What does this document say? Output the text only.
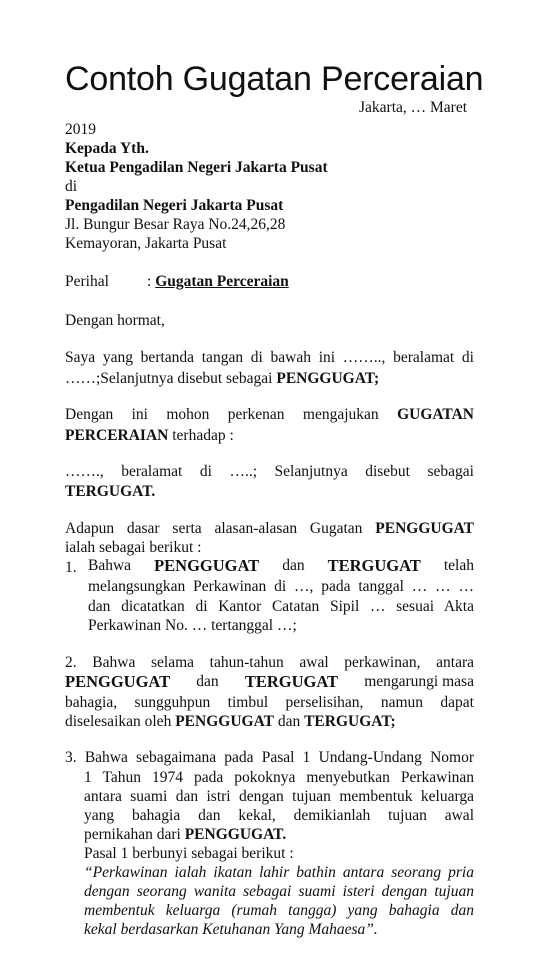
Contoh Gugatan Perceraian
Jakarta, … Maret
2019
Kepada Yth.
Ketua Pengadilan Negeri Jakarta Pusat
di
Pengadilan Negeri Jakarta Pusat
Jl. Bungur Besar Raya No.24,26,28
Kemayoran, Jakarta Pusat
Perihal : Gugatan Perceraian
Dengan hormat,
Saya yang bertanda tangan di bawah ini …….., beralamat di
……;Selanjutnya disebut sebagai PENGGUGAT;
Dengan ini mohon perkenan mengajukan GUGATAN
PERCERAIAN terhadap :
……., beralamat di …..; Selanjutnya disebut sebagai
TERGUGAT.
Adapun dasar serta alasan-alasan Gugatan PENGGUGAT
ialah sebagai berikut :
1. Bahwa PENGGUGAT dan TERGUGAT telah
melangsungkan Perkawinan di …, pada tanggal … … …
dan dicatatkan di Kantor Catatan Sipil … sesuai Akta
Perkawinan No. … tertanggal …;
2. Bahwa selama tahun-tahun awal perkawinan, antara
PENGGUGAT dan TERGUGAT mengarungi masa
bahagia, sungguhpun timbul perselisihan, namun dapat
diselesaikan oleh PENGGUGAT dan TERGUGAT;
3. Bahwa sebagaimana pada Pasal 1 Undang-Undang Nomor
1 Tahun 1974 pada pokoknya menyebutkan Perkawinan
antara suami dan istri dengan tujuan membentuk keluarga
yang bahagia dan kekal, demikianlah tujuan awal
pernikahan dari PENGGUGAT.
Pasal 1 berbunyi sebagai berikut :
“Perkawinan ialah ikatan lahir bathin antara seorang pria
dengan seorang wanita sebagai suami isteri dengan tujuan
membentuk keluarga (rumah tangga) yang bahagia dan
kekal berdasarkan Ketuhanan Yang Mahaesa”.
